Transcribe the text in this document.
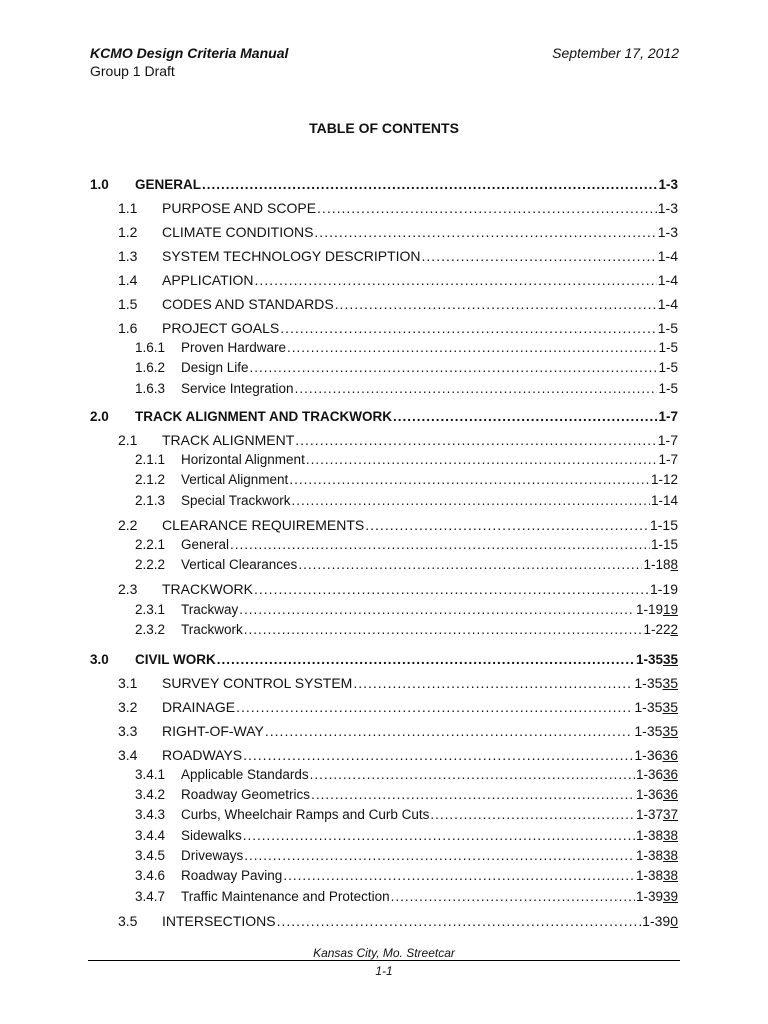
KCMO Design Criteria Manual
Group 1 Draft
September 17, 2012
TABLE OF CONTENTS
1.0	GENERAL .....	1-3
1.1	PURPOSE AND SCOPE .....	1-3
1.2	CLIMATE CONDITIONS .....	1-3
1.3	SYSTEM TECHNOLOGY DESCRIPTION .....	1-4
1.4	APPLICATION .....	1-4
1.5	CODES AND STANDARDS .....	1-4
1.6	PROJECT GOALS .....	1-5
1.6.1	Proven Hardware .....	1-5
1.6.2	Design Life .....	1-5
1.6.3	Service Integration .....	1-5
2.0	TRACK ALIGNMENT AND TRACKWORK .....	1-7
2.1	TRACK ALIGNMENT .....	1-7
2.1.1	Horizontal Alignment .....	1-7
2.1.2	Vertical Alignment .....	1-12
2.1.3	Special Trackwork .....	1-14
2.2	CLEARANCE REQUIREMENTS .....	1-15
2.2.1	General .....	1-15
2.2.2	Vertical Clearances .....	1-18 8
2.3	TRACKWORK .....	1-19
2.3.1	Trackway .....	1-19 19
2.3.2	Trackwork .....	1-22 2
3.0	CIVIL WORK .....	1-35 35
3.1	SURVEY CONTROL SYSTEM .....	1-35 35
3.2	DRAINAGE .....	1-35 35
3.3	RIGHT-OF-WAY .....	1-35 35
3.4	ROADWAYS .....	1-36 36
3.4.1	Applicable Standards .....	1-36 36
3.4.2	Roadway Geometrics .....	1-36 36
3.4.3	Curbs, Wheelchair Ramps and Curb Cuts .....	1-37 37
3.4.4	Sidewalks .....	1-38 38
3.4.5	Driveways .....	1-38 38
3.4.6	Roadway Paving .....	1-38 38
3.4.7	Traffic Maintenance and Protection .....	1-39 39
3.5	INTERSECTIONS .....	1-39 0
Kansas City, Mo. Streetcar
1-1
